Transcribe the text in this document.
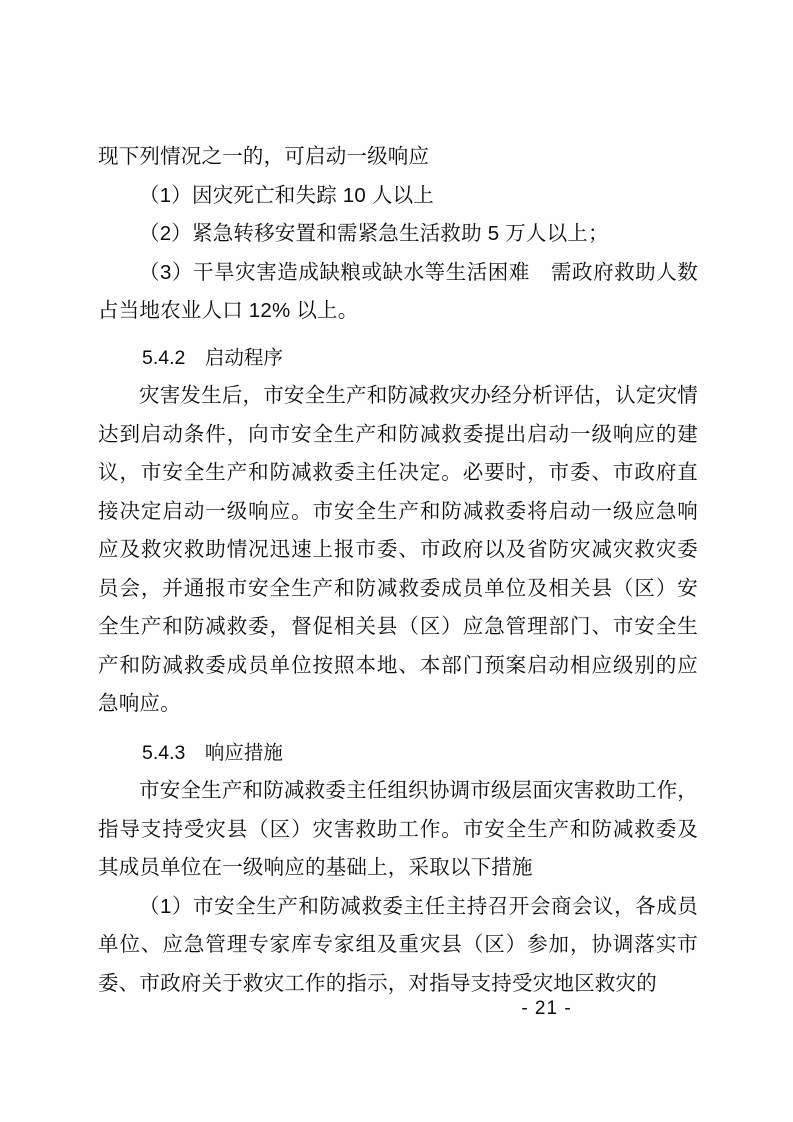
现下列情况之一的，可启动一级响应

（1）因灾死亡和失踪 10 人以上

（2）紧急转移安置和需紧急生活救助 5 万人以上；

（3）干旱灾害造成缺粮或缺水等生活困难　需政府救助人数占当地农业人口 12% 以上。

5.4.2　启动程序

灾害发生后，市安全生产和防减救灾办经分析评估，认定灾情达到启动条件，向市安全生产和防减救委提出启动一级响应的建议，市安全生产和防减救委主任决定。必要时，市委、市政府直接决定启动一级响应。市安全生产和防减救委将启动一级应急响应及救灾救助情况迅速上报市委、市政府以及省防灾减灾救灾委员会，并通报市安全生产和防减救委成员单位及相关县（区）安全生产和防减救委，督促相关县（区）应急管理部门、市安全生产和防减救委成员单位按照本地、本部门预案启动相应级别的应急响应。

5.4.3　响应措施

市安全生产和防减救委主任组织协调市级层面灾害救助工作，指导支持受灾县（区）灾害救助工作。市安全生产和防减救委及其成员单位在一级响应的基础上，采取以下措施

（1）市安全生产和防减救委主任主持召开会商会议，各成员单位、应急管理专家库专家组及重灾县（区）参加，协调落实市委、市政府关于救灾工作的指示，对指导支持受灾地区救灾的

- 21 -
